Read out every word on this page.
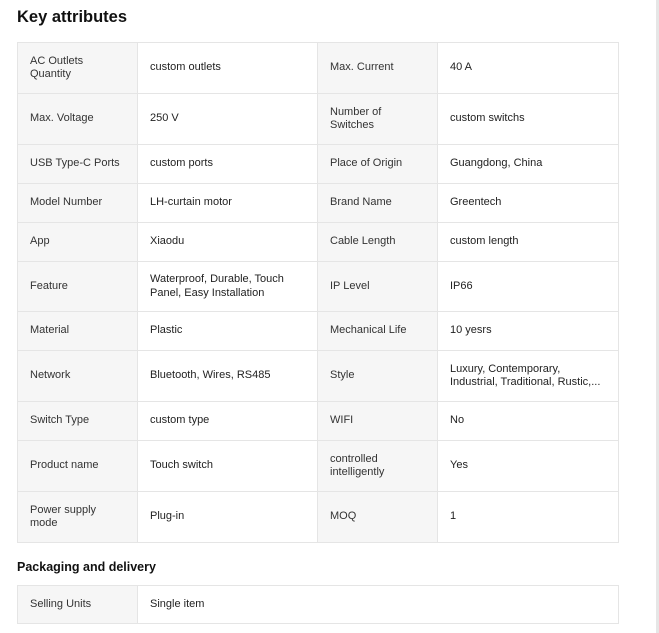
Key attributes
AC Outlets Quantity	custom outlets	Max. Current	40 A
Max. Voltage	250 V	Number of Switches	custom switchs
USB Type-C Ports	custom ports	Place of Origin	Guangdong, China
Model Number	LH-curtain motor	Brand Name	Greentech
App	Xiaodu	Cable Length	custom length
Feature	Waterproof, Durable, Touch Panel, Easy Installation	IP Level	IP66
Material	Plastic	Mechanical Life	10 yesrs
Network	Bluetooth, Wires, RS485	Style	Luxury, Contemporary, Industrial, Traditional, Rustic,...

Switch Type	custom type	WIFI	No
Product name	Touch switch	controlled intelligently	Yes
Power supply mode	Plug-in	MOQ	1
Packaging and delivery
Selling Units	Single item
